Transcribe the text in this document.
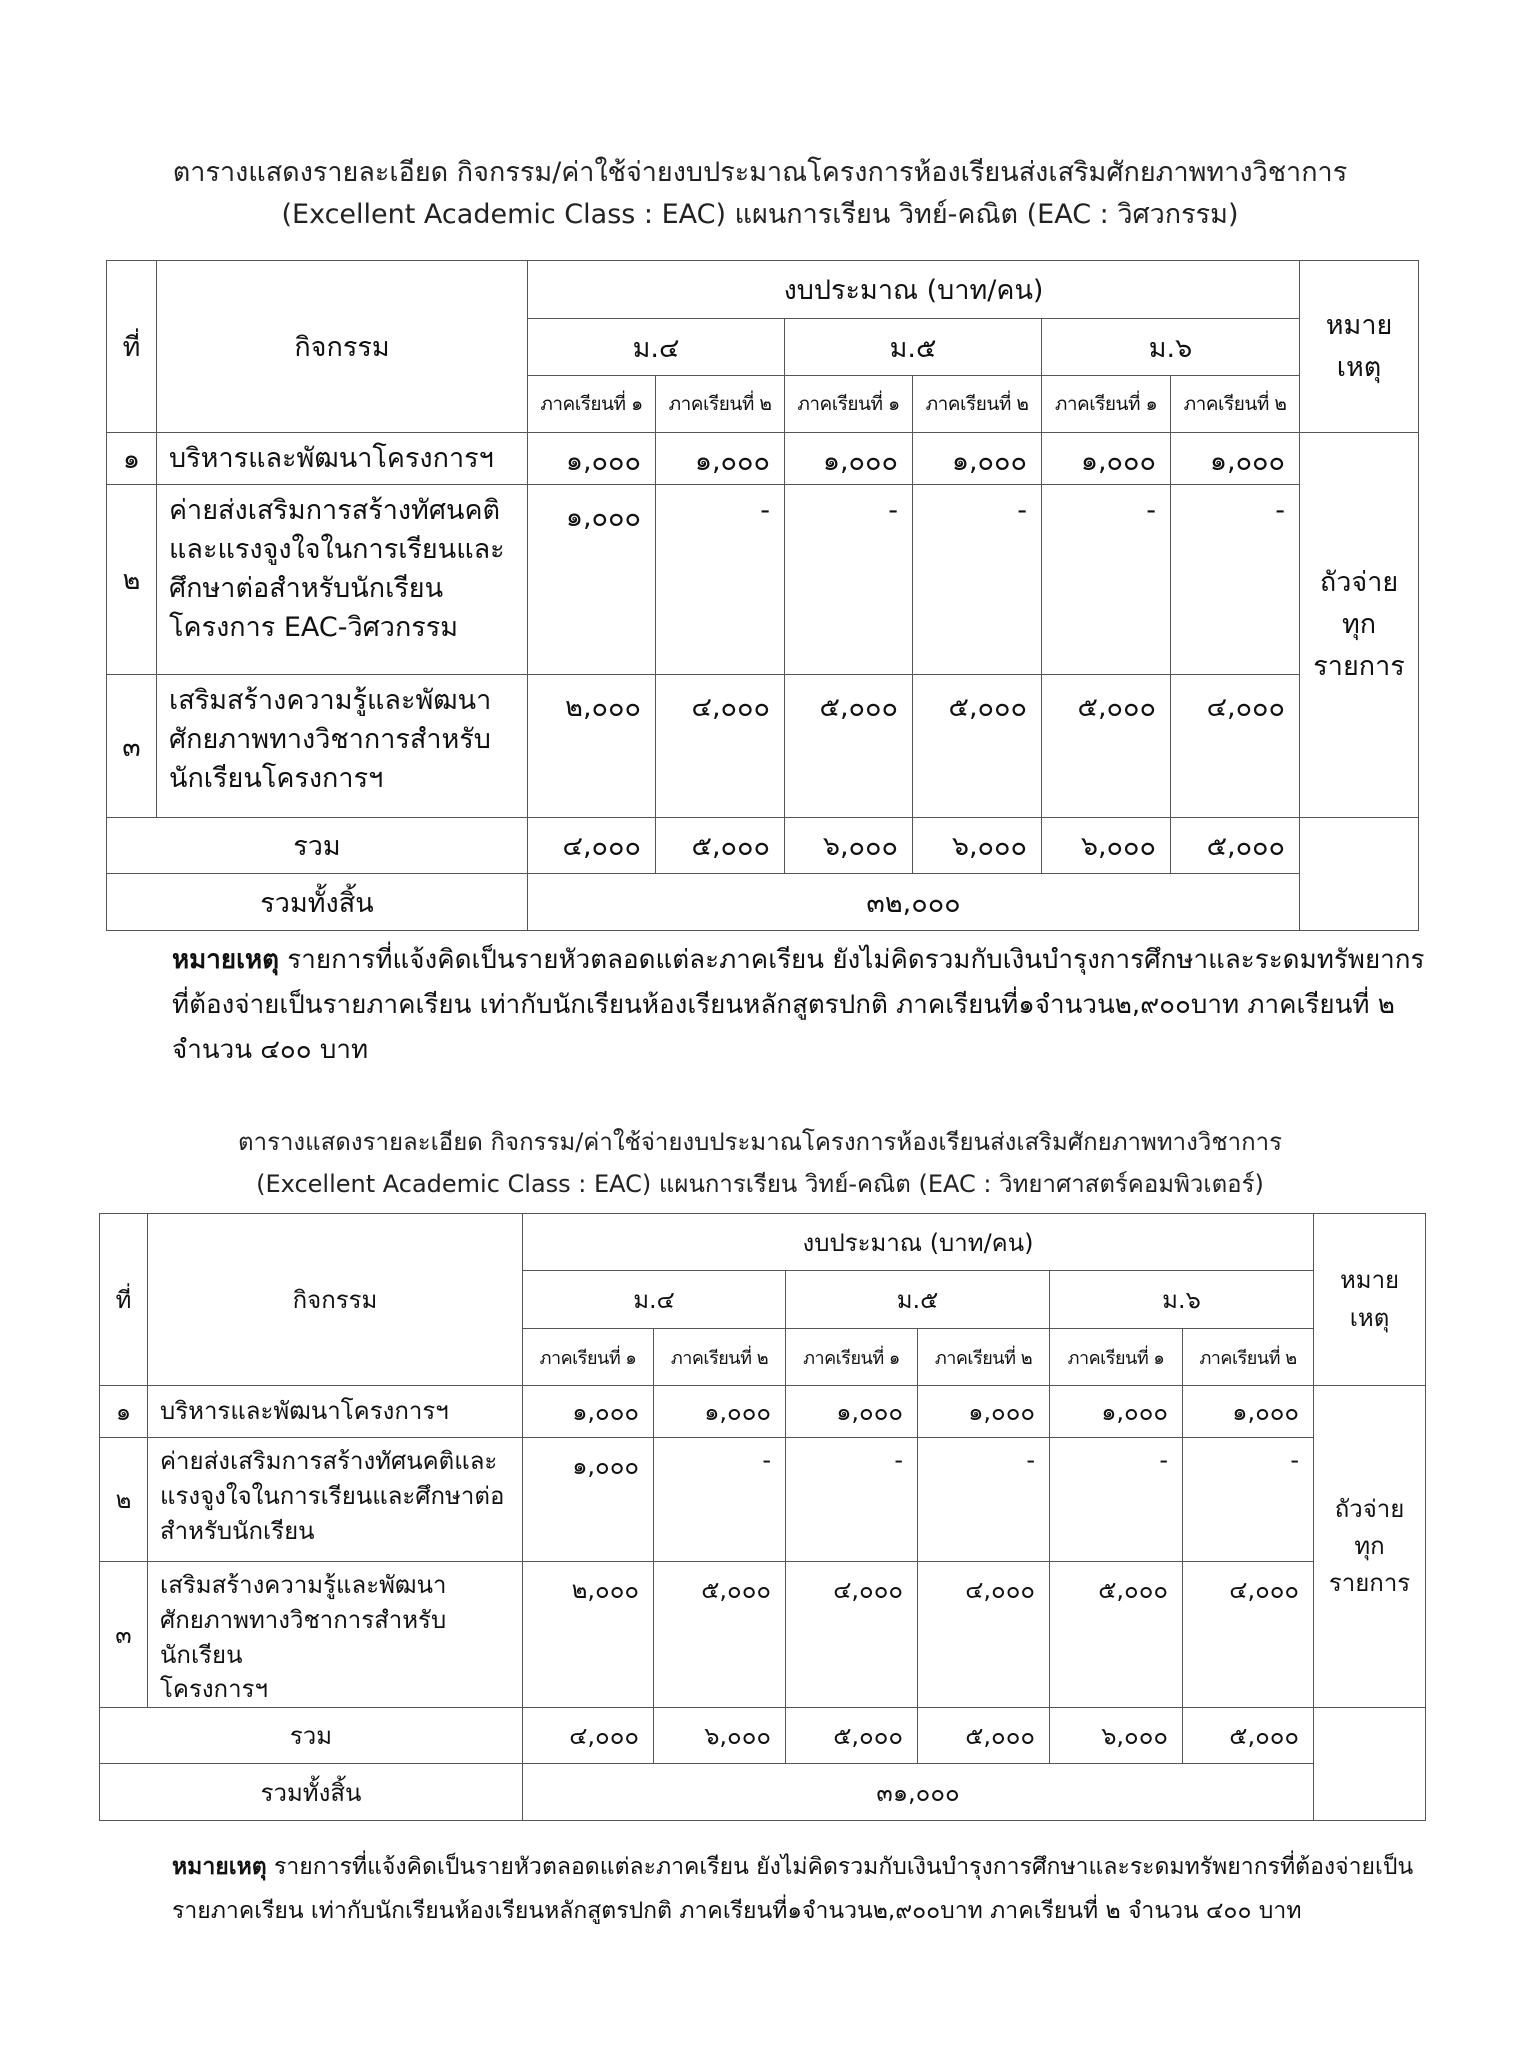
ตารางแสดงรายละเอียด กิจกรรม/ค่าใช้จ่ายงบประมาณโครงการห้องเรียนส่งเสริมศักยภาพทางวิชาการ
(Excellent Academic Class : EAC) แผนการเรียน วิทย์-คณิต (EAC : วิศวกรรม)
ที่	กิจกรรม	งบประมาณ (บาท/คน)						หมาย
เหตุ

		ม.๔		ม.๕		ม.๖		
		ภาคเรียนที่ ๑	ภาคเรียนที่ ๒	ภาคเรียนที่ ๑	ภาคเรียนที่ ๒	ภาคเรียนที่ ๑	ภาคเรียนที่ ๒	
๑	บริหารและพัฒนาโครงการฯ	๑,๐๐๐	๑,๐๐๐	๑,๐๐๐	๑,๐๐๐	๑,๐๐๐	๑,๐๐๐	ถัวจ่าย
ทุก
รายการ

๒	ค่ายส่งเสริมการสร้างทัศนคติ
และแรงจูงใจในการเรียนและ
ศึกษาต่อสำหรับนักเรียน
โครงการ EAC-วิศวกรรม	๑,๐๐๐	-	-	-	-	-	
๓	เสริมสร้างความรู้และพัฒนา
ศักยภาพทางวิชาการสำหรับ
นักเรียนโครงการฯ	๒,๐๐๐	๔,๐๐๐	๕,๐๐๐	๕,๐๐๐	๕,๐๐๐	๔,๐๐๐	
รวม		๔,๐๐๐	๕,๐๐๐	๖,๐๐๐	๖,๐๐๐	๖,๐๐๐	๕,๐๐๐	
รวมทั้งสิ้น		๓๒,๐๐๐						
หมายเหตุ รายการที่แจ้งคิดเป็นรายหัวตลอดแต่ละภาคเรียน ยังไม่คิดรวมกับเงินบำรุงการศึกษาและระดมทรัพยากร
ที่ต้องจ่ายเป็นรายภาคเรียน เท่ากับนักเรียนห้องเรียนหลักสูตรปกติ ภาคเรียนที่๑จำนวน๒,๙๐๐บาท ภาคเรียนที่ ๒
จำนวน ๔๐๐ บาท
ตารางแสดงรายละเอียด กิจกรรม/ค่าใช้จ่ายงบประมาณโครงการห้องเรียนส่งเสริมศักยภาพทางวิชาการ
(Excellent Academic Class : EAC) แผนการเรียน วิทย์-คณิต (EAC : วิทยาศาสตร์คอมพิวเตอร์)
ที่	กิจกรรม	งบประมาณ (บาท/คน)						หมาย
เหตุ

		ม.๔		ม.๕		ม.๖		
		ภาคเรียนที่ ๑	ภาคเรียนที่ ๒	ภาคเรียนที่ ๑	ภาคเรียนที่ ๒	ภาคเรียนที่ ๑	ภาคเรียนที่ ๒	
๑	บริหารและพัฒนาโครงการฯ	๑,๐๐๐	๑,๐๐๐	๑,๐๐๐	๑,๐๐๐	๑,๐๐๐	๑,๐๐๐	ถัวจ่าย
ทุก
รายการ

๒	ค่ายส่งเสริมการสร้างทัศนคติและ
แรงจูงใจในการเรียนและศึกษาต่อ
สำหรับนักเรียน	๑,๐๐๐	-	-	-	-	-	
๓	เสริมสร้างความรู้และพัฒนา
ศักยภาพทางวิชาการสำหรับนักเรียน
โครงการฯ	๒,๐๐๐	๕,๐๐๐	๔,๐๐๐	๔,๐๐๐	๕,๐๐๐	๔,๐๐๐	
รวม		๔,๐๐๐	๖,๐๐๐	๕,๐๐๐	๕,๐๐๐	๖,๐๐๐	๕,๐๐๐	
รวมทั้งสิ้น		๓๑,๐๐๐						
หมายเหตุ รายการที่แจ้งคิดเป็นรายหัวตลอดแต่ละภาคเรียน ยังไม่คิดรวมกับเงินบำรุงการศึกษาและระดมทรัพยากรที่ต้องจ่ายเป็น
รายภาคเรียน เท่ากับนักเรียนห้องเรียนหลักสูตรปกติ ภาคเรียนที่๑จำนวน๒,๙๐๐บาท ภาคเรียนที่ ๒ จำนวน ๔๐๐ บาท
